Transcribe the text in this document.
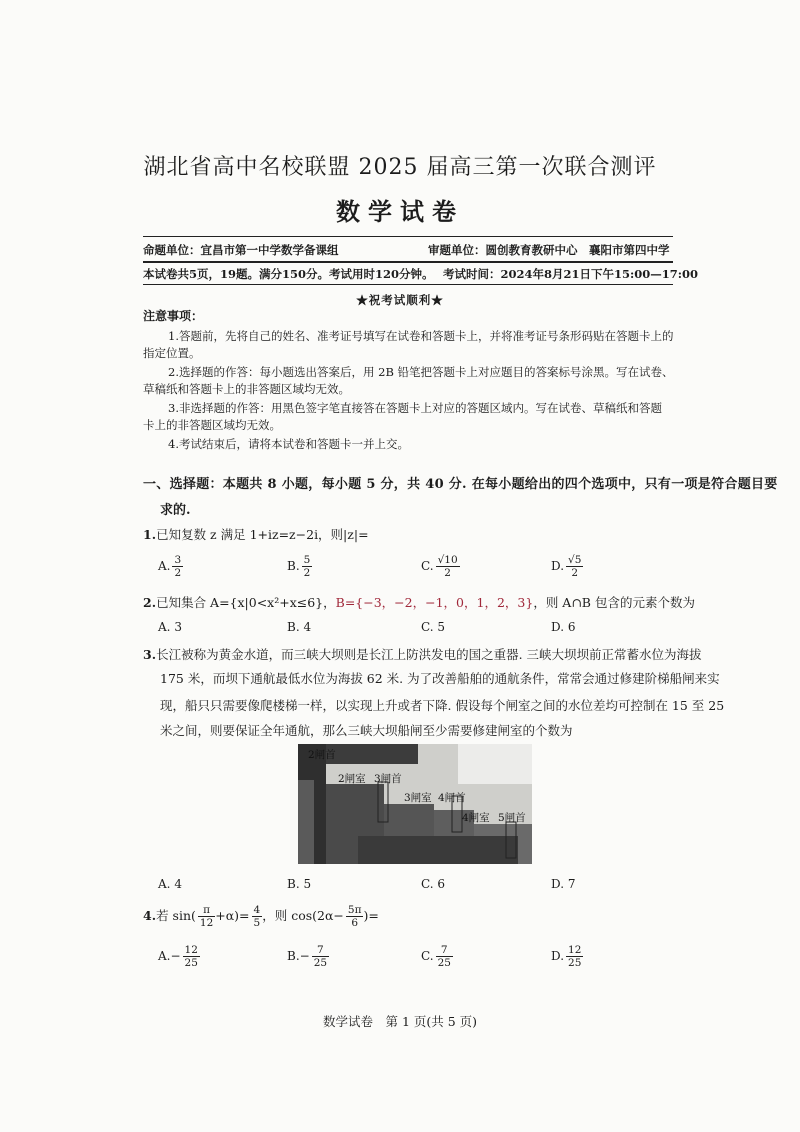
湖北省高中名校联盟 2025 届高三第一次联合测评
数学试卷
命题单位：宜昌市第一中学数学备课组	审题单位：圆创教育教研中心　襄阳市第四中学
本试卷共5页，19题。满分150分。考试用时120分钟。 考试时间：2024年8月21日下午15:00—17:00
★祝考试顺利★
注意事项：
1.答题前，先将自己的姓名、准考证号填写在试卷和答题卡上，并将准考证号条形码贴在答题卡上的
指定位置。
2.选择题的作答：每小题选出答案后，用 2B 铅笔把答题卡上对应题目的答案标号涂黑。写在试卷、
草稿纸和答题卡上的非答题区域均无效。
3.非选择题的作答：用黑色签字笔直接答在答题卡上对应的答题区域内。写在试卷、草稿纸和答题
卡上的非答题区域均无效。
4.考试结束后，请将本试卷和答题卡一并上交。
一、选择题：本题共 8 小题，每小题 5 分，共 40 分. 在每小题给出的四个选项中，只有一项是符合题目要
求的.
1.已知复数 z 满足 1+iz=z−2i，则|z|=
A. $\frac{3}{2}$	B. $\frac{5}{2}$	C. $\frac{√10}{2}$	D. $\frac{√5}{2}$
2.已知集合 A={x|0<x²+x≤6}，B={−3，−2，−1，0，1，2，3}，则 A∩B 包含的元素个数为
A. 3	B. 4	C. 5	D. 6
3.长江被称为黄金水道，而三峡大坝则是长江上防洪发电的国之重器. 三峡大坝坝前正常蓄水位为海拔
175 米，而坝下通航最低水位为海拔 62 米. 为了改善船舶的通航条件，常常会通过修建阶梯船闸来实
现，船只只需要像爬楼梯一样，以实现上升或者下降. 假设每个闸室之间的水位差均可控制在 15 至 25
米之间，则要保证全年通航，那么三峡大坝船闸至少需要修建闸室的个数为
2闸首
2闸室 3闸首
3闸室 4闸首
4闸室 5闸首
A. 4	B. 5	C. 6	D. 7
4.若 $\sin( \frac{\pi}{12} +\alpha)= \frac{4}{5}$ ，则 $\cos(2\alpha- \frac{5\pi}{6}$ )=
$A.- \frac{12}{25}$	$B.- \frac{7}{25}$	C. $\frac{7}{25}$	D. $\frac{12}{25}$
数学试卷　第 1 页(共 5 页)
